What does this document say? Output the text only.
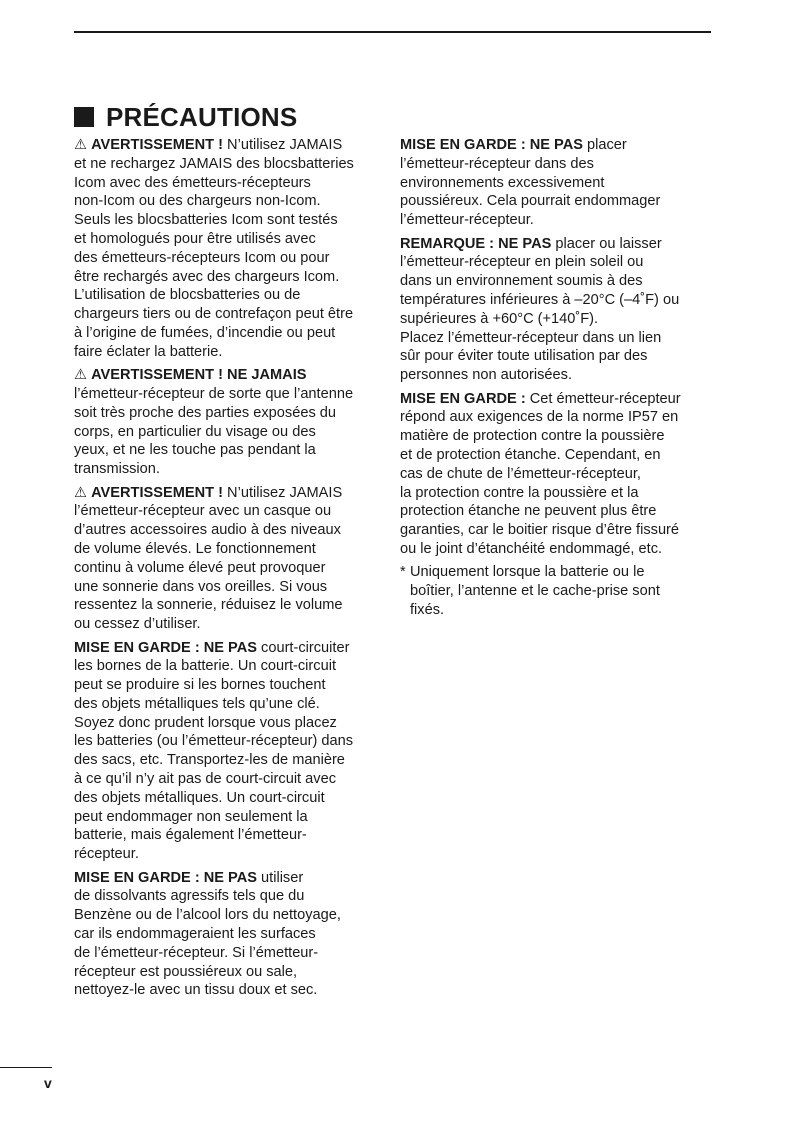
PRÉCAUTIONS
⚠ AVERTISSEMENT ! N’utilisez JAMAIS
et ne rechargez JAMAIS des blocsbatteries
Icom avec des émetteurs-récepteurs
non-Icom ou des chargeurs non-Icom.
Seuls les blocsbatteries Icom sont testés
et homologués pour être utilisés avec
des émetteurs-récepteurs Icom ou pour
être rechargés avec des chargeurs Icom.
L’utilisation de blocsbatteries ou de
chargeurs tiers ou de contrefaçon peut être
à l’origine de fumées, d’incendie ou peut
faire éclater la batterie.
⚠ AVERTISSEMENT ! NE JAMAIS
l’émetteur-récepteur de sorte que l’antenne
soit très proche des parties exposées du
corps, en particulier du visage ou des
yeux, et ne les touche pas pendant la
transmission.
⚠ AVERTISSEMENT ! N’utilisez JAMAIS
l’émetteur-récepteur avec un casque ou
d’autres accessoires audio à des niveaux
de volume élevés. Le fonctionnement
continu à volume élevé peut provoquer
une sonnerie dans vos oreilles. Si vous
ressentez la sonnerie, réduisez le volume
ou cessez d’utiliser.
MISE EN GARDE : NE PAS court-circuiter
les bornes de la batterie. Un court-circuit
peut se produire si les bornes touchent
des objets métalliques tels qu’une clé.
Soyez donc prudent lorsque vous placez
les batteries (ou l’émetteur-récepteur) dans
des sacs, etc. Transportez-les de manière
à ce qu’il n’y ait pas de court-circuit avec
des objets métalliques. Un court-circuit
peut endommager non seulement la
batterie, mais également l’émetteur-
récepteur.
MISE EN GARDE : NE PAS utiliser
de dissolvants agressifs tels que du
Benzène ou de l’alcool lors du nettoyage,
car ils endommageraient les surfaces
de l’émetteur-récepteur. Si l’émetteur-
récepteur est poussiéreux ou sale,
nettoyez-le avec un tissu doux et sec.
MISE EN GARDE : NE PAS placer
l’émetteur-récepteur dans des
environnements excessivement
poussiéreux. Cela pourrait endommager
l’émetteur-récepteur.
REMARQUE : NE PAS placer ou laisser
l’émetteur-récepteur en plein soleil ou
dans un environnement soumis à des
températures inférieures à –20°C (–4˚F) ou
supérieures à +60°C (+140˚F).
Placez l’émetteur-récepteur dans un lien
sûr pour éviter toute utilisation par des
personnes non autorisées.
MISE EN GARDE : Cet émetteur-récepteur
répond aux exigences de la norme IP57 en
matière de protection contre la poussière
et de protection étanche. Cependant, en
cas de chute de l’émetteur-récepteur,
la protection contre la poussière et la
protection étanche ne peuvent plus être
garanties, car le boitier risque d’être fissuré
ou le joint d’étanchéité endommagé, etc.
* Uniquement lorsque la batterie ou le
boîtier, l’antenne et le cache-prise sont
fixés.
v
